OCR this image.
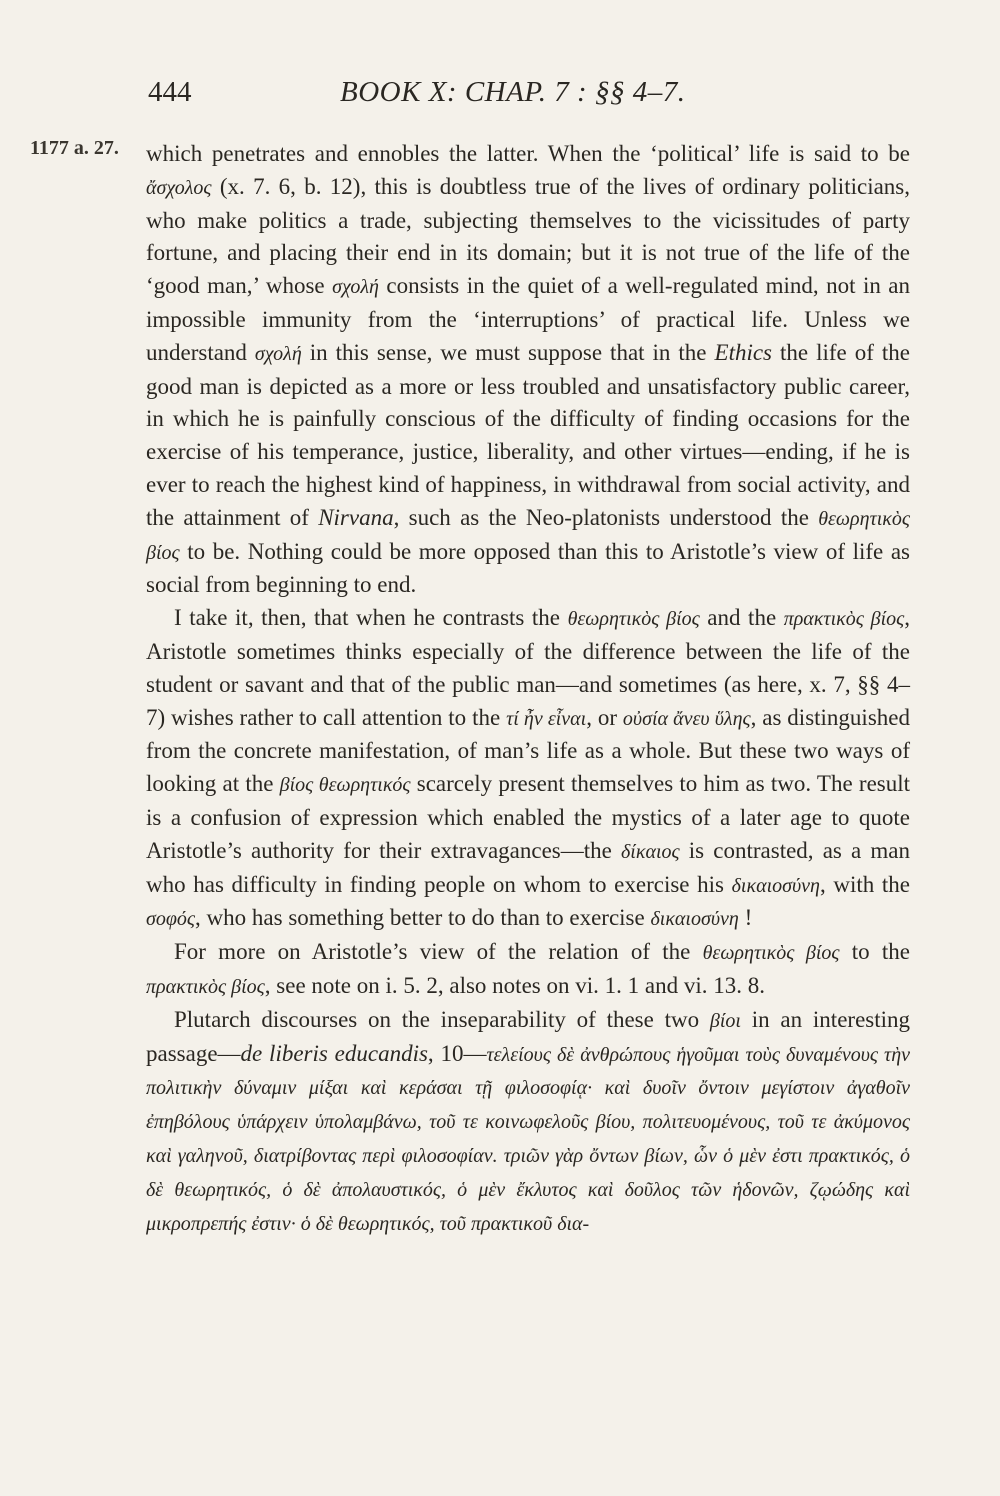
444	BOOK X: CHAP. 7 : §§ 4–7.
1177 a. 27. which penetrates and ennobles the latter. When the ‘political’ life is said to be ἄσχολος (x. 7. 6, b. 12), this is doubtless true of the lives of ordinary politicians, who make politics a trade, subjecting themselves to the vicissitudes of party fortune, and placing their end in its domain; but it is not true of the life of the ‘good man,’ whose σχολή consists in the quiet of a well-regulated mind, not in an impossible immunity from the ‘interruptions’ of practical life. Unless we understand σχολή in this sense, we must suppose that in the Ethics the life of the good man is depicted as a more or less troubled and unsatisfactory public career, in which he is painfully conscious of the difficulty of finding occasions for the exercise of his temperance, justice, liberality, and other virtues—ending, if he is ever to reach the highest kind of happiness, in withdrawal from social activity, and the attainment of Nirvana, such as the Neo-platonists understood the θεωρητικὸς βίος to be. Nothing could be more opposed than this to Aristotle’s view of life as social from beginning to end.

I take it, then, that when he contrasts the θεωρητικὸς βίος and the πρακτικὸς βίος, Aristotle sometimes thinks especially of the difference between the life of the student or savant and that of the public man—and sometimes (as here, x. 7, §§ 4–7) wishes rather to call attention to the τί ἦν εἶναι, or οὐσία ἄνευ ὕλης, as distinguished from the concrete manifestation, of man’s life as a whole. But these two ways of looking at the βίος θεωρητικός scarcely present themselves to him as two. The result is a confusion of expression which enabled the mystics of a later age to quote Aristotle’s authority for their extravagances—the δίκαιος is contrasted, as a man who has difficulty in finding people on whom to exercise his δικαιοσύνη, with the σοφός, who has something better to do than to exercise δικαιοσύνη !

For more on Aristotle’s view of the relation of the θεωρητικὸς βίος to the πρακτικὸς βίος, see note on i. 5. 2, also notes on vi. 1. 1 and vi. 13. 8.

Plutarch discourses on the inseparability of these two βίοι in an interesting passage—de liberis educandis, 10—τελείους δὲ ἀνθρώπους ἡγοῦμαι τοὺς δυναμένους τὴν πολιτικὴν δύναμιν μίξαι καὶ κεράσαι τῇ φιλοσοφίᾳ· καὶ δυοῖν ὄντοιν μεγίστοιν ἀγαθοῖν ἐπηβόλους ὑπάρχειν ὑπολαμβάνω, τοῦ τε κοινωφελοῦς βίου, πολιτευομένους, τοῦ τε ἀκύμονος καὶ γαληνοῦ, διατρίβοντας περὶ φιλοσοφίαν. τριῶν γὰρ ὄντων βίων, ὧν ὁ μὲν ἐστι πρακτικός, ὁ δὲ θεωρητικός, ὁ δὲ ἀπολαυστικός, ὁ μὲν ἔκλυτος καὶ δοῦλος τῶν ἡδονῶν, ζῳώδης καὶ μικροπρεπής ἐστιν· ὁ δὲ θεωρητικός, τοῦ πρακτικοῦ δια-
